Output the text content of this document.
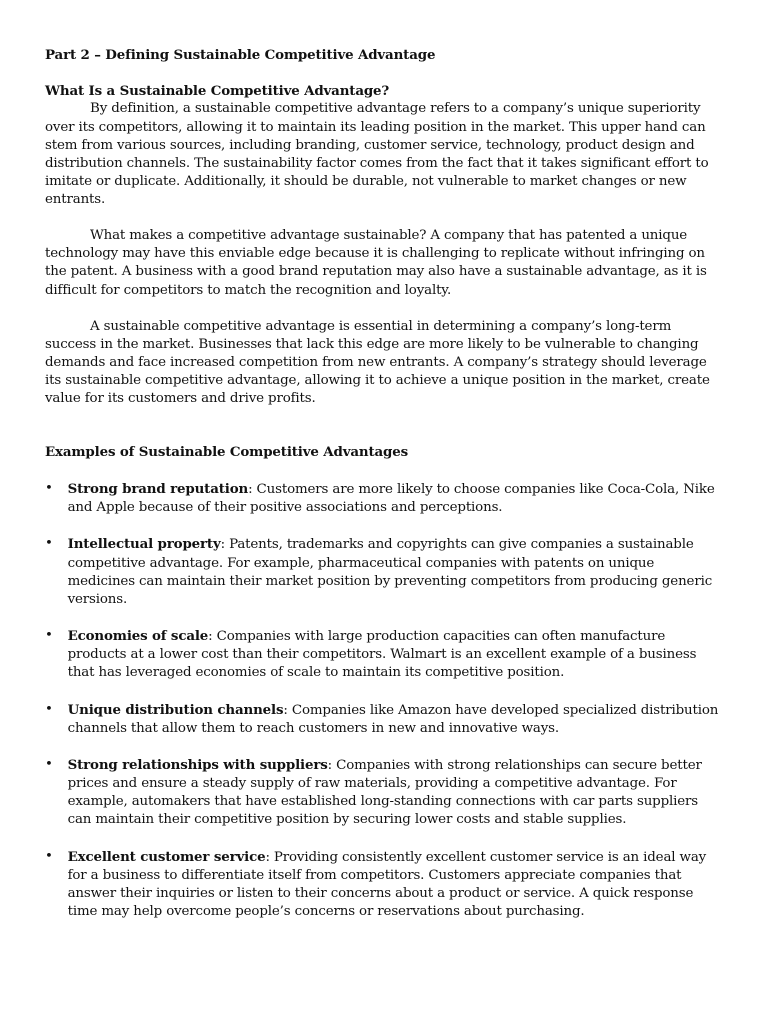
Part 2 – Defining Sustainable Competitive Advantage
What Is a Sustainable Competitive Advantage?

By definition, a sustainable competitive advantage refers to a company’s unique superiority over its competitors, allowing it to maintain its leading position in the market. This upper hand can stem from various sources, including branding, customer service, technology, product design and distribution channels. The sustainability factor comes from the fact that it takes significant effort to imitate or duplicate. Additionally, it should be durable, not vulnerable to market changes or new entrants.

What makes a competitive advantage sustainable? A company that has patented a unique technology may have this enviable edge because it is challenging to replicate without infringing on the patent. A business with a good brand reputation may also have a sustainable advantage, as it is difficult for competitors to match the recognition and loyalty.

A sustainable competitive advantage is essential in determining a company’s long-term success in the market. Businesses that lack this edge are more likely to be vulnerable to changing demands and face increased competition from new entrants. A company’s strategy should leverage its sustainable competitive advantage, allowing it to achieve a unique position in the market, create value for its customers and drive profits.

Examples of Sustainable Competitive Advantages
• Strong brand reputation: Customers are more likely to choose companies like Coca-Cola, Nike and Apple because of their positive associations and perceptions.
• Intellectual property: Patents, trademarks and copyrights can give companies a sustainable competitive advantage. For example, pharmaceutical companies with patents on unique medicines can maintain their market position by preventing competitors from producing generic versions.
• Economies of scale: Companies with large production capacities can often manufacture products at a lower cost than their competitors. Walmart is an excellent example of a business that has leveraged economies of scale to maintain its competitive position.
• Unique distribution channels: Companies like Amazon have developed specialized distribution channels that allow them to reach customers in new and innovative ways.
• Strong relationships with suppliers: Companies with strong relationships can secure better prices and ensure a steady supply of raw materials, providing a competitive advantage. For example, automakers that have established long-standing connections with car parts suppliers can maintain their competitive position by securing lower costs and stable supplies.
• Excellent customer service: Providing consistently excellent customer service is an ideal way for a business to differentiate itself from competitors. Customers appreciate companies that answer their inquiries or listen to their concerns about a product or service. A quick response time may help overcome people’s concerns or reservations about purchasing.
